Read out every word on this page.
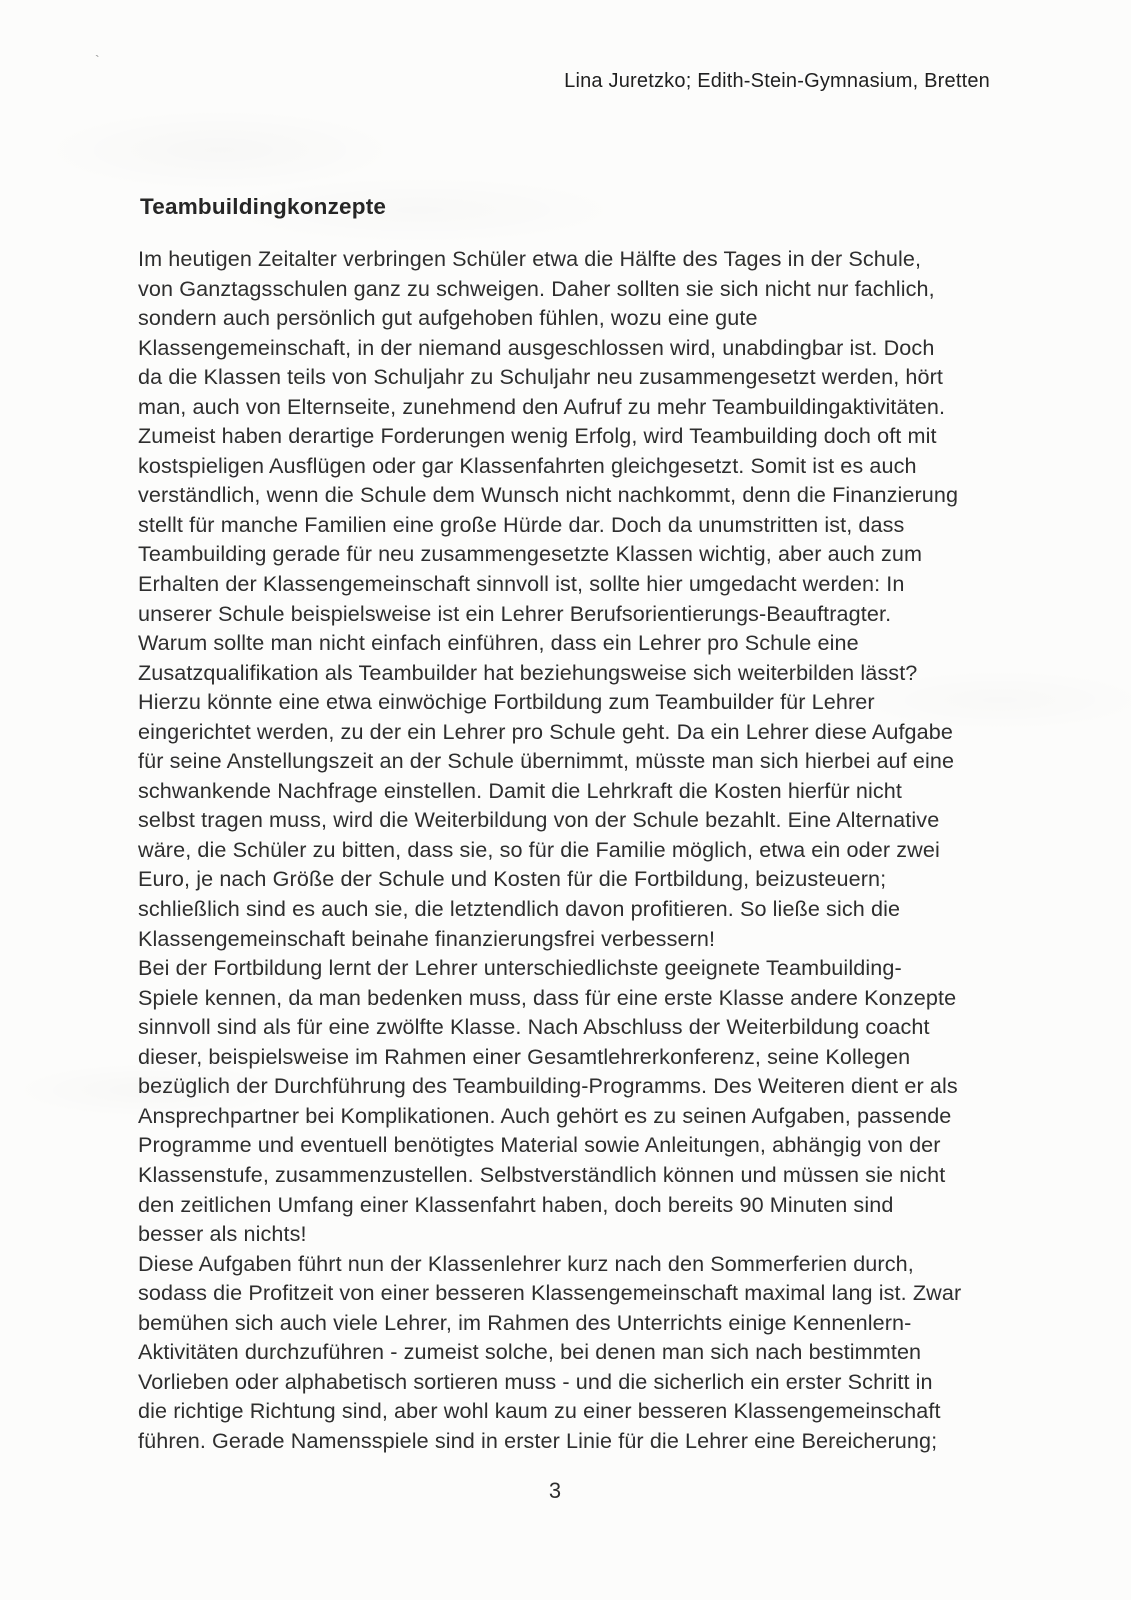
`
Lina Juretzko; Edith-Stein-Gymnasium, Bretten
Teambuildingkonzepte
Im heutigen Zeitalter verbringen Schüler etwa die Hälfte des Tages in der Schule,
von Ganztagsschulen ganz zu schweigen. Daher sollten sie sich nicht nur fachlich,
sondern auch persönlich gut aufgehoben fühlen, wozu eine gute
Klassengemeinschaft, in der niemand ausgeschlossen wird, unabdingbar ist. Doch
da die Klassen teils von Schuljahr zu Schuljahr neu zusammengesetzt werden, hört
man, auch von Elternseite, zunehmend den Aufruf zu mehr Teambuildingaktivitäten.
Zumeist haben derartige Forderungen wenig Erfolg, wird Teambuilding doch oft mit
kostspieligen Ausflügen oder gar Klassenfahrten gleichgesetzt. Somit ist es auch
verständlich, wenn die Schule dem Wunsch nicht nachkommt, denn die Finanzierung
stellt für manche Familien eine große Hürde dar. Doch da unumstritten ist, dass
Teambuilding gerade für neu zusammengesetzte Klassen wichtig, aber auch zum
Erhalten der Klassengemeinschaft sinnvoll ist, sollte hier umgedacht werden: In
unserer Schule beispielsweise ist ein Lehrer Berufsorientierungs-Beauftragter.
Warum sollte man nicht einfach einführen, dass ein Lehrer pro Schule eine
Zusatzqualifikation als Teambuilder hat beziehungsweise sich weiterbilden lässt?
Hierzu könnte eine etwa einwöchige Fortbildung zum Teambuilder für Lehrer
eingerichtet werden, zu der ein Lehrer pro Schule geht. Da ein Lehrer diese Aufgabe
für seine Anstellungszeit an der Schule übernimmt, müsste man sich hierbei auf eine
schwankende Nachfrage einstellen. Damit die Lehrkraft die Kosten hierfür nicht
selbst tragen muss, wird die Weiterbildung von der Schule bezahlt. Eine Alternative
wäre, die Schüler zu bitten, dass sie, so für die Familie möglich, etwa ein oder zwei
Euro, je nach Größe der Schule und Kosten für die Fortbildung, beizusteuern;
schließlich sind es auch sie, die letztendlich davon profitieren. So ließe sich die
Klassengemeinschaft beinahe finanzierungsfrei verbessern!
Bei der Fortbildung lernt der Lehrer unterschiedlichste geeignete Teambuilding-
Spiele kennen, da man bedenken muss, dass für eine erste Klasse andere Konzepte
sinnvoll sind als für eine zwölfte Klasse. Nach Abschluss der Weiterbildung coacht
dieser, beispielsweise im Rahmen einer Gesamtlehrerkonferenz, seine Kollegen
bezüglich der Durchführung des Teambuilding-Programms. Des Weiteren dient er als
Ansprechpartner bei Komplikationen. Auch gehört es zu seinen Aufgaben, passende
Programme und eventuell benötigtes Material sowie Anleitungen, abhängig von der
Klassenstufe, zusammenzustellen. Selbstverständlich können und müssen sie nicht
den zeitlichen Umfang einer Klassenfahrt haben, doch bereits 90 Minuten sind
besser als nichts!
Diese Aufgaben führt nun der Klassenlehrer kurz nach den Sommerferien durch,
sodass die Profitzeit von einer besseren Klassengemeinschaft maximal lang ist. Zwar
bemühen sich auch viele Lehrer, im Rahmen des Unterrichts einige Kennenlern-
Aktivitäten durchzuführen - zumeist solche, bei denen man sich nach bestimmten
Vorlieben oder alphabetisch sortieren muss - und die sicherlich ein erster Schritt in
die richtige Richtung sind, aber wohl kaum zu einer besseren Klassengemeinschaft
führen. Gerade Namensspiele sind in erster Linie für die Lehrer eine Bereicherung;
3
